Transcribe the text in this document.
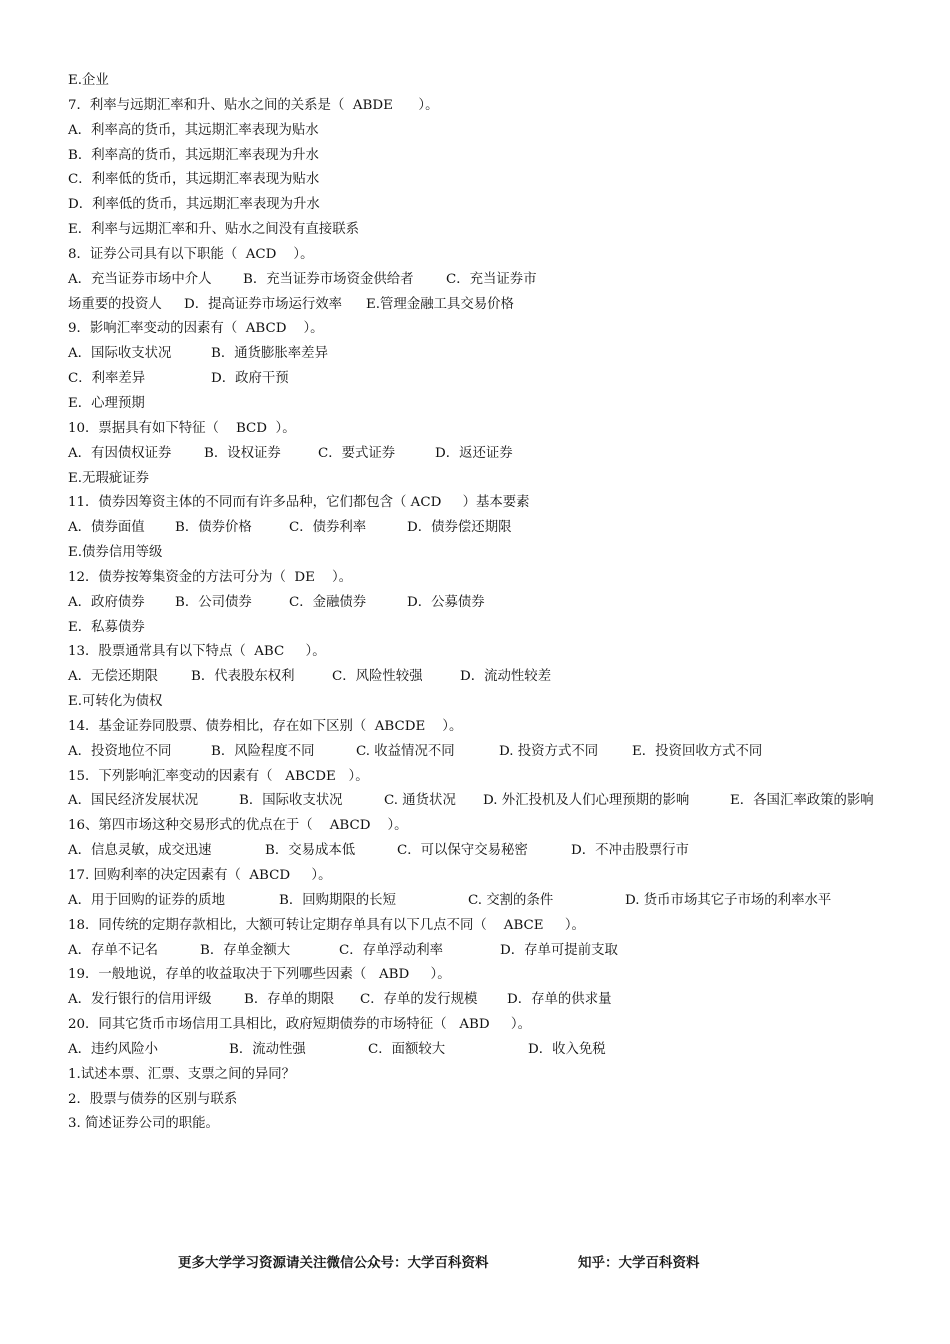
E.企业
7．利率与远期汇率和升、贴水之间的关系是（  ABDE      ）。
A．利率高的货币，其远期汇率表现为贴水
B．利率高的货币，其远期汇率表现为升水
C．利率低的货币，其远期汇率表现为贴水
D．利率低的货币，其远期汇率表现为升水
E．利率与远期汇率和升、贴水之间没有直接联系
8．证券公司具有以下职能（  ACD    ）。
A．充当证券市场中介人 B．充当证券市场资金供给者 C．充当证券市
场重要的投资人 D．提高证券市场运行效率 E.管理金融工具交易价格
9．影响汇率变动的因素有（  ABCD    ）。
A．国际收支状况	B．通货膨胀率差异
C．利率差异	D．政府干预
E．心理预期
10．票据具有如下特征（    BCD  ）。
A．有因债权证券 B．设权证券	C．要式证券	D．返还证券
E.无瑕疵证券
11．债券因筹资主体的不同而有许多品种，它们都包含（ ACD     ）基本要素
A．债券面值 B．债券价格	C．债券利率	D．债券偿还期限
E.债券信用等级
12．债券按筹集资金的方法可分为（  DE    ）。
A．政府债券 B．公司债券	C．金融债券	D．公募债券
E．私募债券
13．股票通常具有以下特点（  ABC     ）。
A．无偿还期限 B．代表股东权利	C．风险性较强	D．流动性较差
E.可转化为债权
14．基金证券同股票、债券相比，存在如下区别（  ABCDE    ）。
A．投资地位不同	B．风险程度不同	C. 收益情况不同	D. 投资方式不同	E．投资回收方式不同
15．下列影响汇率变动的因素有（   ABCDE   ）。
A．国民经济发展状况	B．国际收支状况	C. 通货状况 D. 外汇投机及人们心理预期的影响	E．各国汇率政策的影响
16、第四市场这种交易形式的优点在于（    ABCD    ）。
A．信息灵敏，成交迅速	B．交易成本低	C．可以保守交易秘密	D．不冲击股票行市
17. 回购利率的决定因素有（  ABCD     ）。
A．用于回购的证券的质地	B．回购期限的长短	C. 交割的条件	D. 货币市场其它子市场的利率水平
18．同传统的定期存款相比，大额可转让定期存单具有以下几点不同（    ABCE     ）。
A．存单不记名	B．存单金额大	C．存单浮动利率	D．存单可提前支取
19．一般地说，存单的收益取决于下列哪些因素（   ABD     ）。
A．发行银行的信用评级 B．存单的期限 C．存单的发行规模 D．存单的供求量
20．同其它货币市场信用工具相比，政府短期债券的市场特征（   ABD     ）。
A．违约风险小	B．流动性强	C．面额较大	D．收入免税
1.试述本票、汇票、支票之间的异同？
2．股票与债券的区别与联系
3. 简述证券公司的职能。
更多大学学习资源请关注微信公众号：大学百科资料	知乎：大学百科资料
